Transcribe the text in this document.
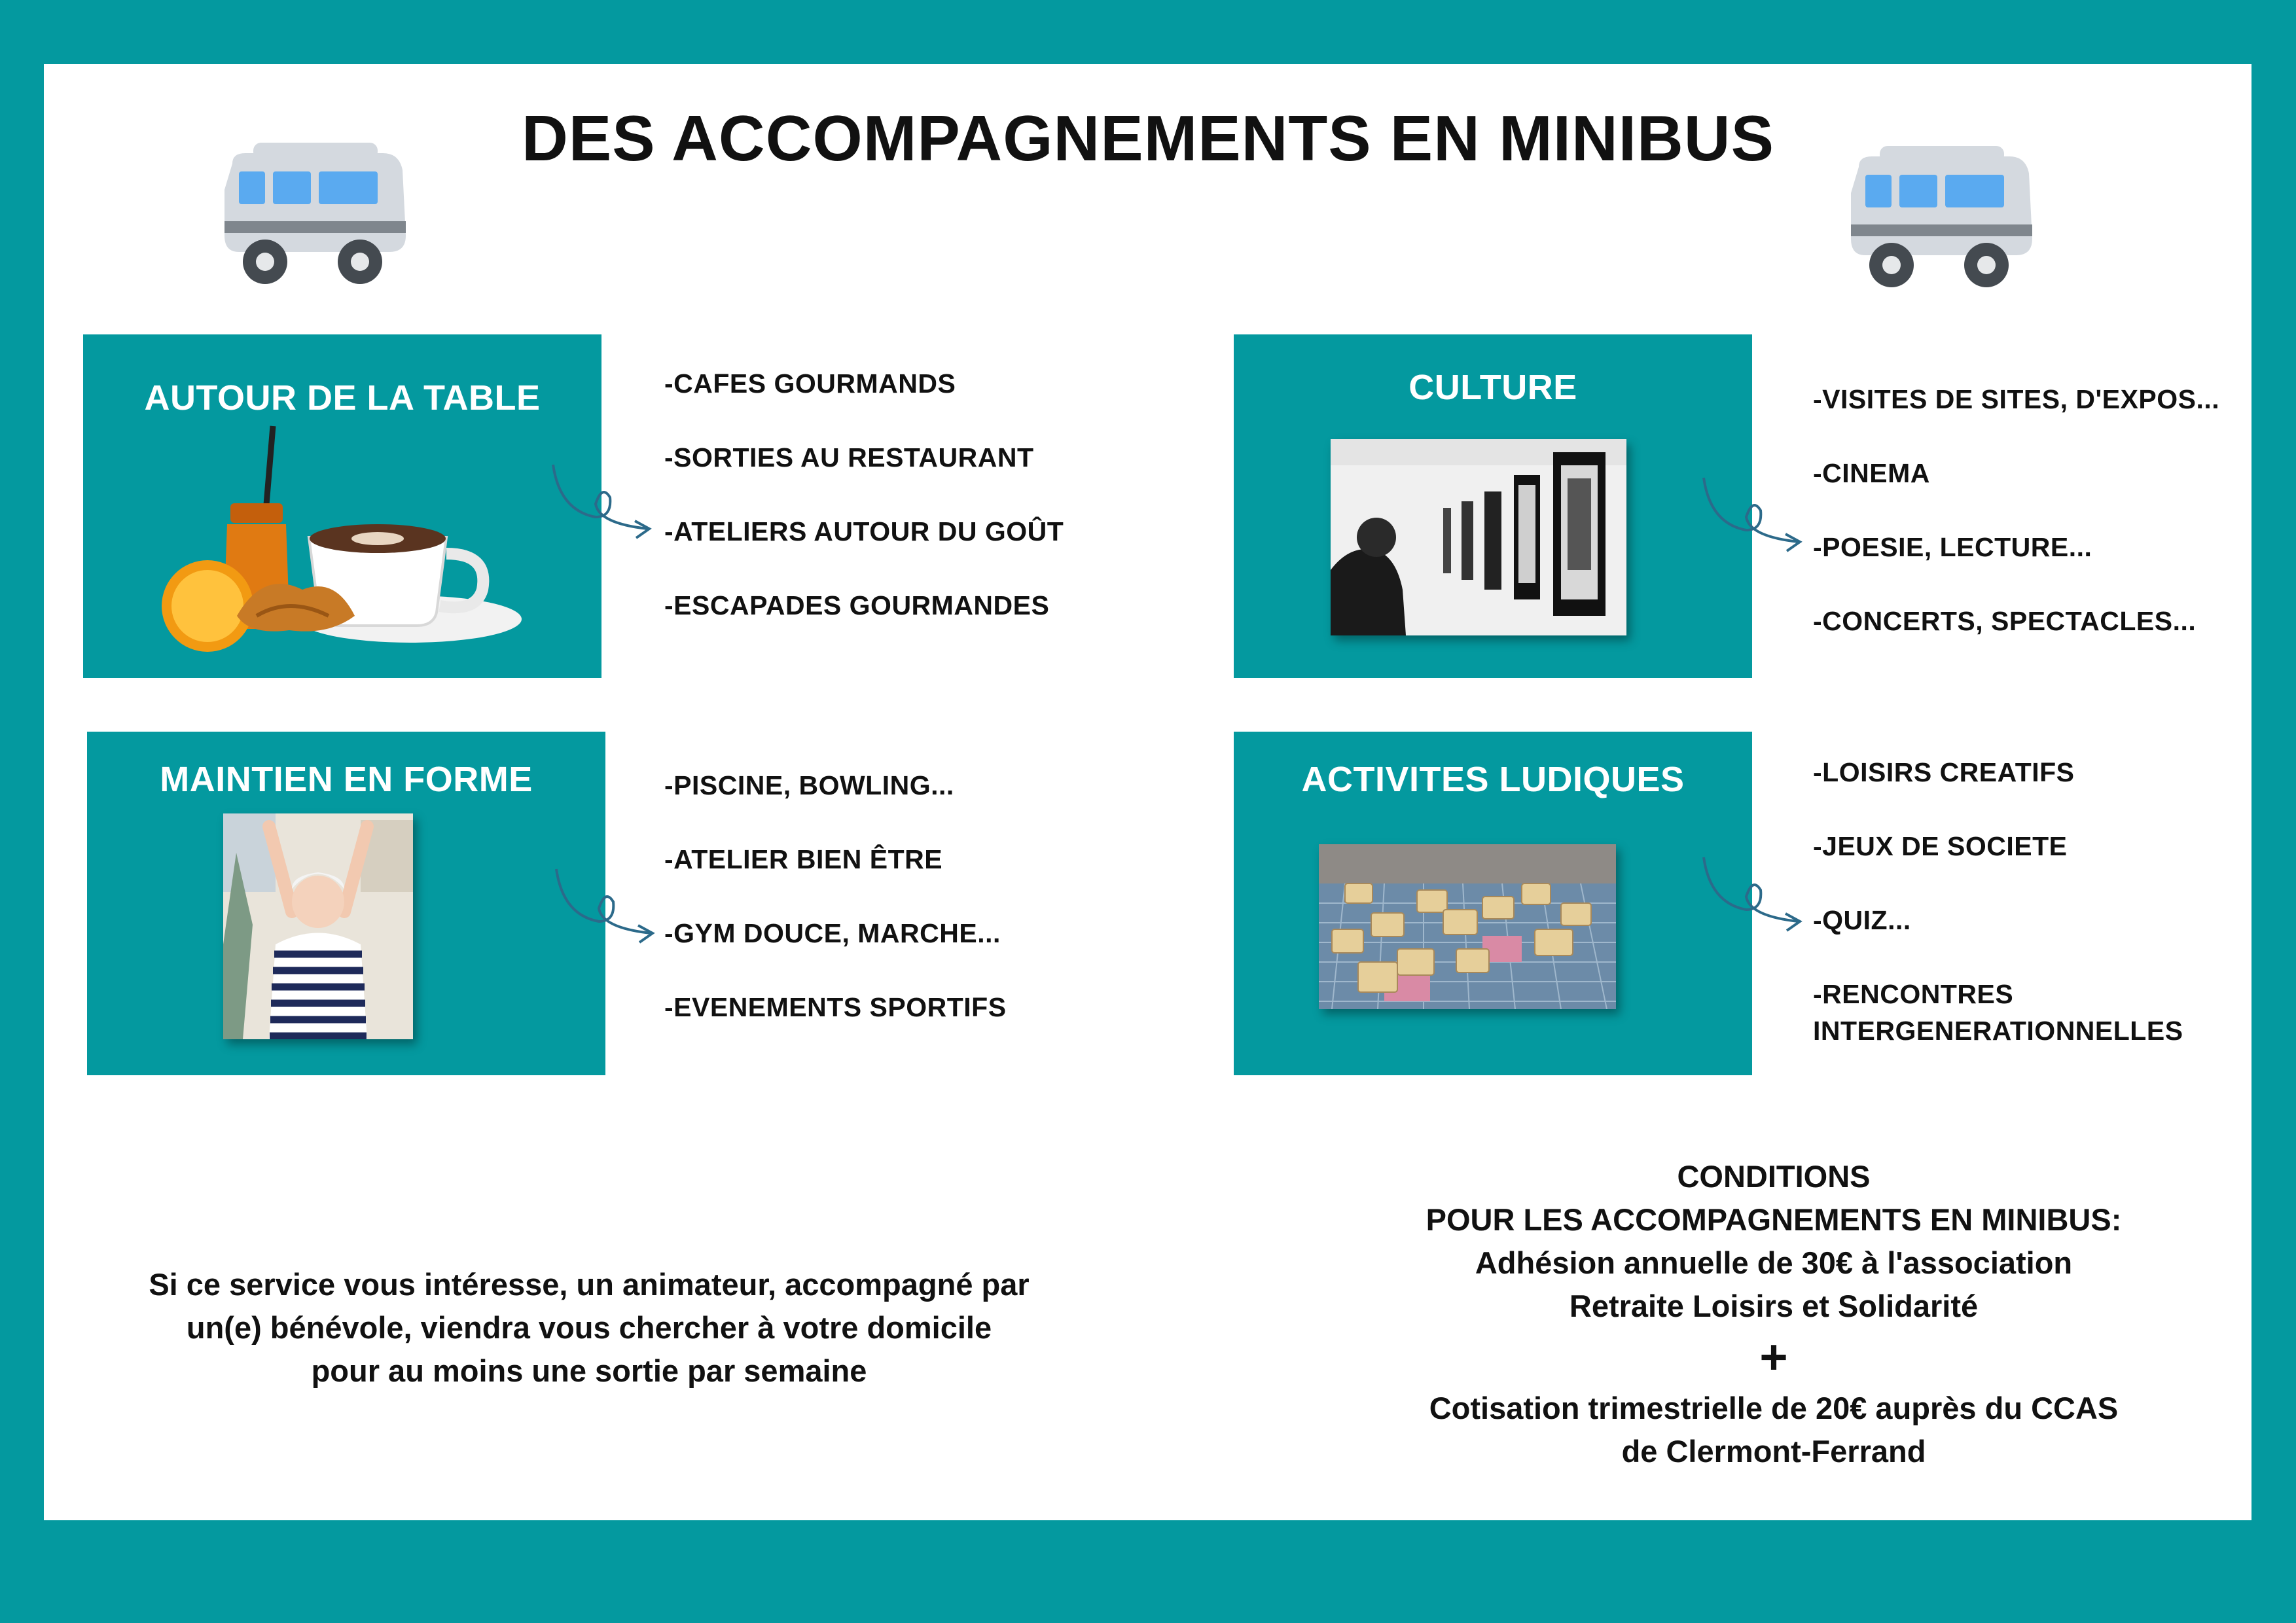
DES ACCOMPAGNEMENTS EN MINIBUS
AUTOUR DE LA TABLE	-CAFES GOURMANDS
-SORTIES AU RESTAURANT
-ATELIERS AUTOUR DU GOÛT
-ESCAPADES GOURMANDES
CULTURE	-VISITES DE SITES, D'EXPOS...
-CINEMA
-POESIE, LECTURE...
-CONCERTS, SPECTACLES...
MAINTIEN EN FORME	-PISCINE, BOWLING...
-ATELIER BIEN ÊTRE
-GYM DOUCE, MARCHE...
-EVENEMENTS SPORTIFS
ACTIVITES LUDIQUES	-LOISIRS CREATIFS
-JEUX DE SOCIETE
-QUIZ...
-RENCONTRES INTERGENERATIONNELLES
Si ce service vous intéresse, un animateur, accompagné par
un(e) bénévole, viendra vous chercher à votre domicile
pour au moins une sortie par semaine
CONDITIONS
POUR LES ACCOMPAGNEMENTS EN MINIBUS:
Adhésion annuelle de 30€ à l'association
Retraite Loisirs et Solidarité
+
Cotisation trimestrielle de 20€ auprès du CCAS
de Clermont-Ferrand
